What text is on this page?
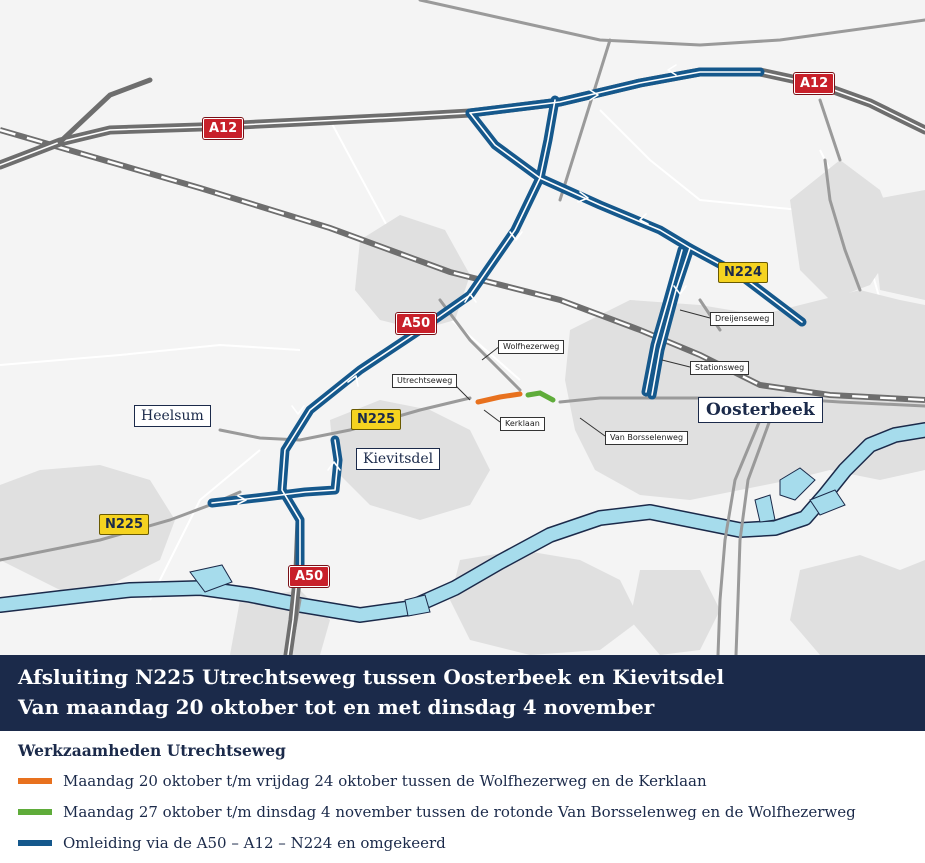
A12
A12
A50
A50
N224
N225
N225
Heelsum
Kievitsdel
Oosterbeek
Wolfhezerweg
Utrechtseweg
Kerklaan
Van Borsselenweg
Dreijenseweg
Stationsweg
Afsluiting N225 Utrechtseweg tussen Oosterbeek en Kievitsdel
Van maandag 20 oktober tot en met dinsdag 4 november
Werkzaamheden Utrechtseweg
Maandag 20 oktober t/m vrijdag 24 oktober tussen de Wolfhezerweg en de Kerklaan
Maandag 27 oktober t/m dinsdag 4 november tussen de rotonde Van Borsselenweg en de Wolfhezerweg
Omleiding via de A50 – A12 – N224 en omgekeerd
